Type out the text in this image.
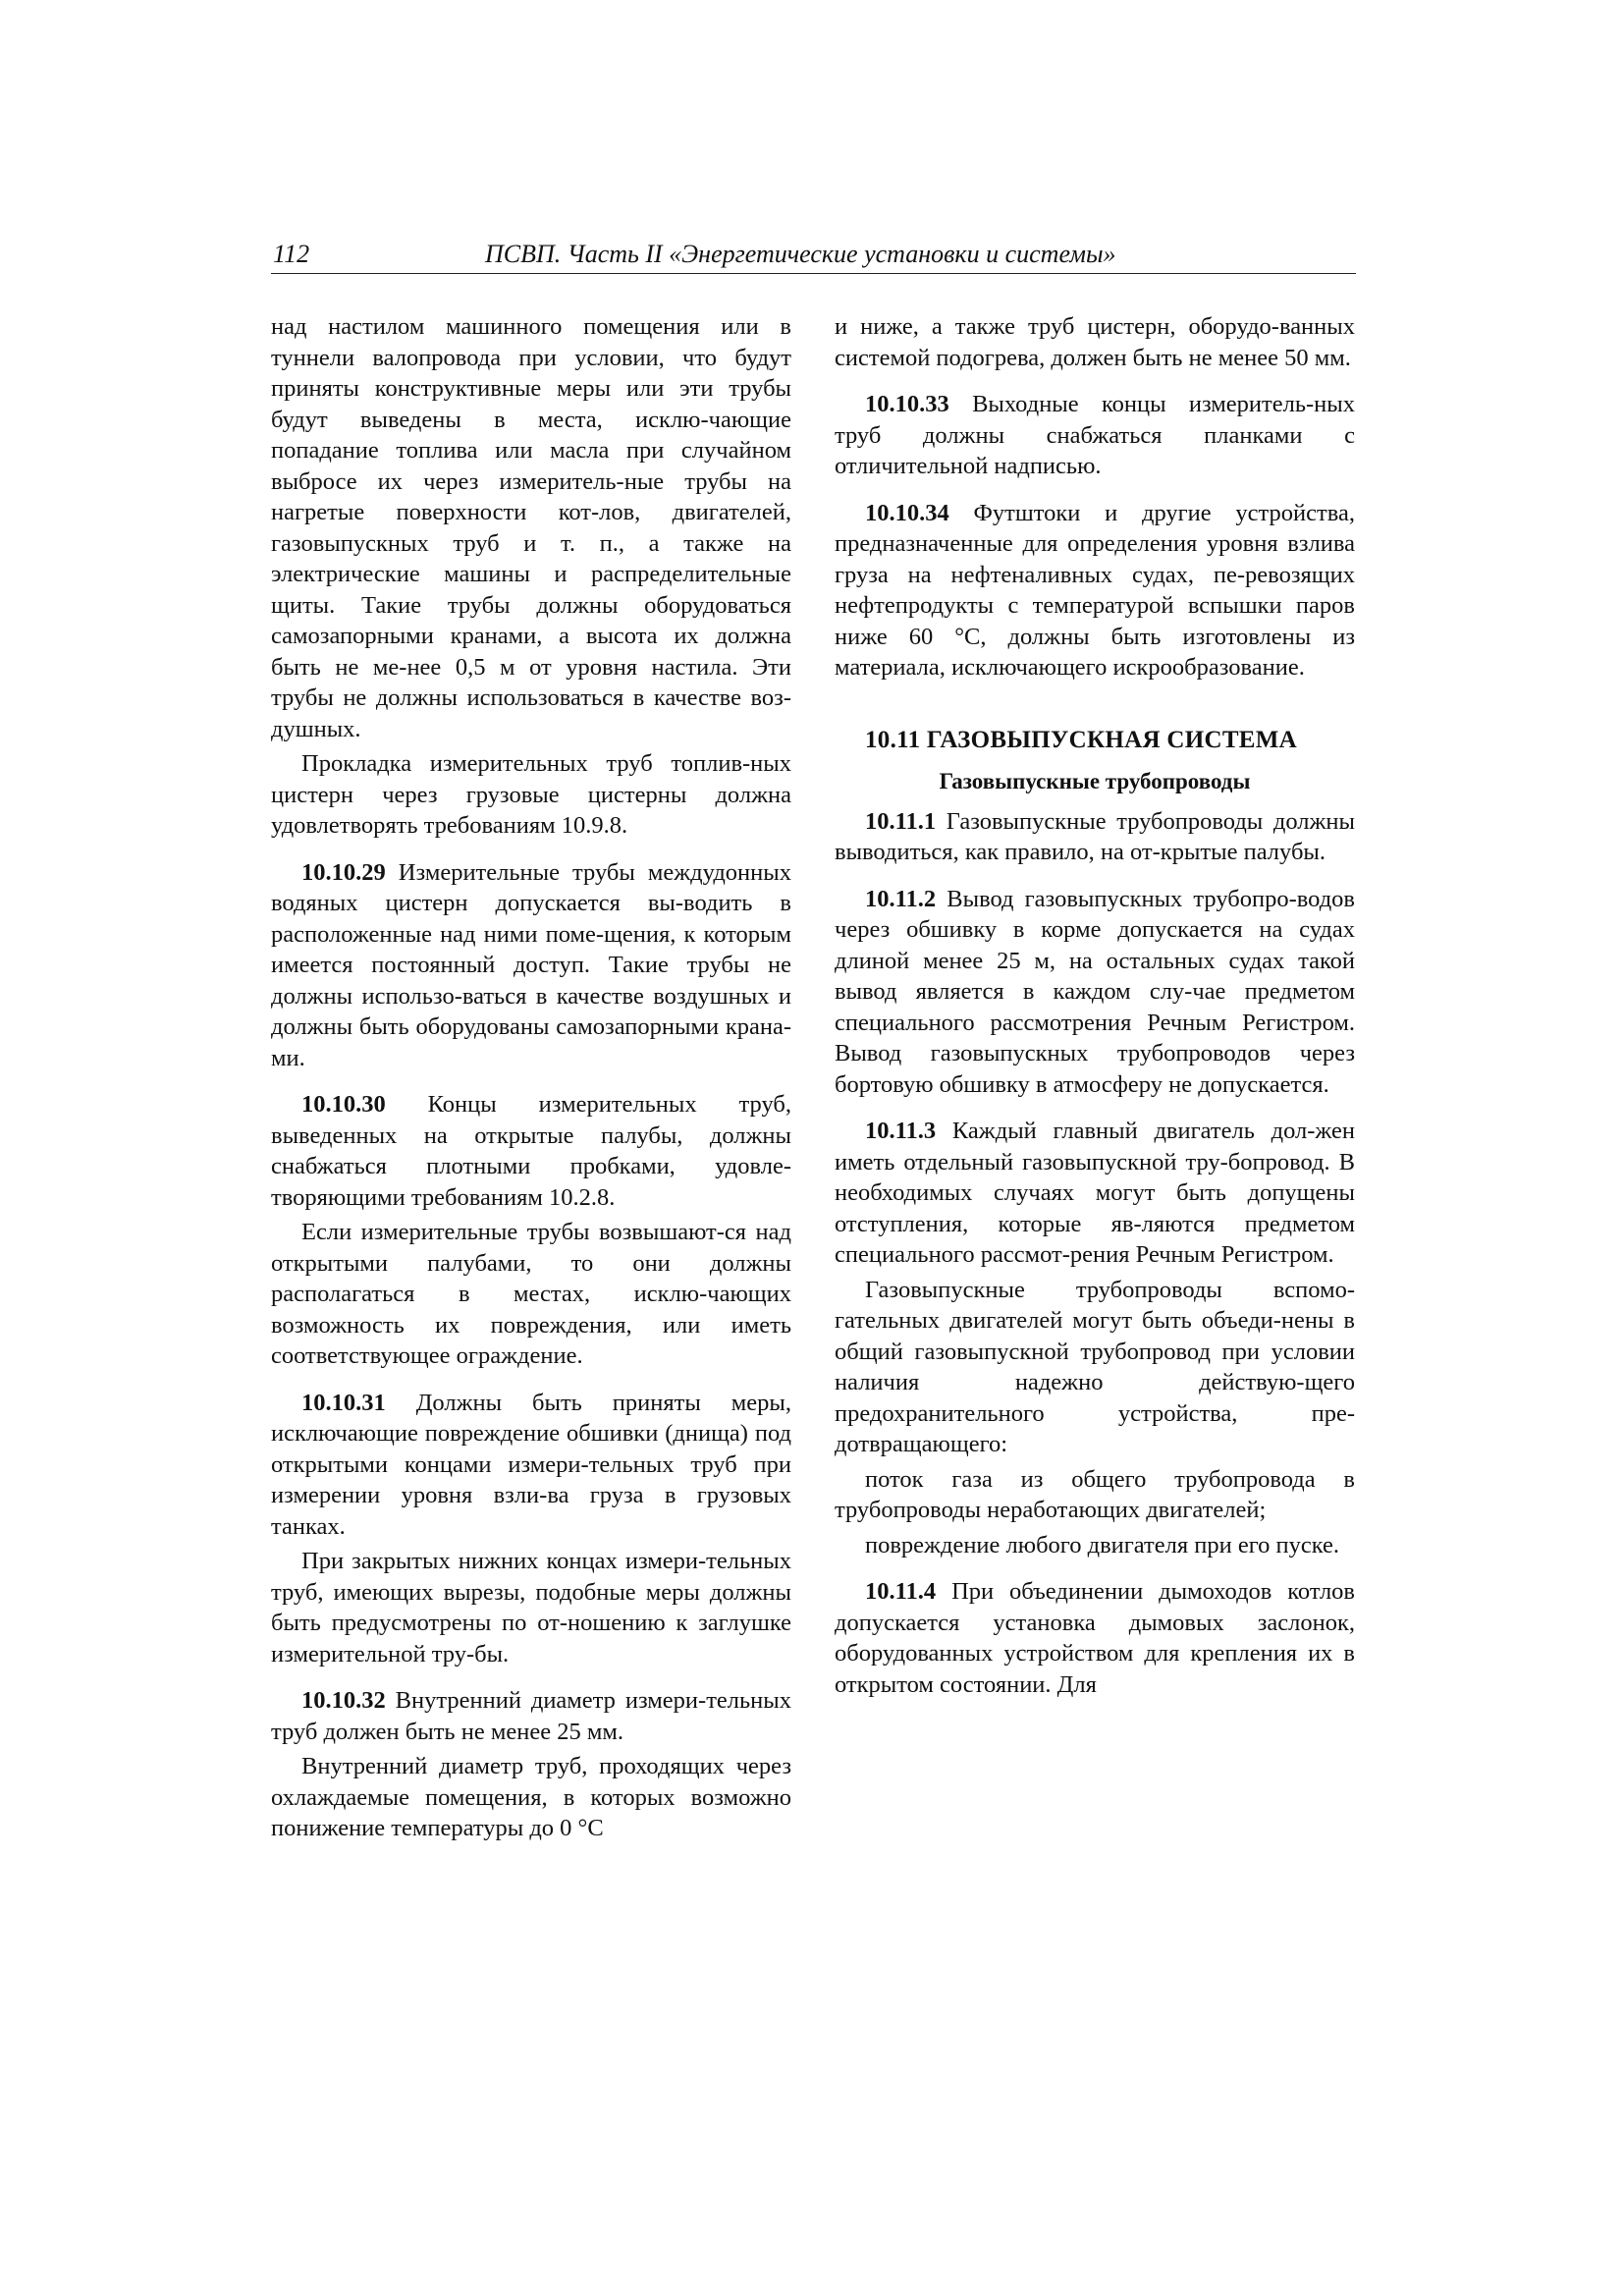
112	ПСВП. Часть II «Энергетические установки и системы»

над настилом машинного помещения или в туннели валопровода при условии, что будут приняты конструктивные меры или эти трубы будут выведены в места, исклю-чающие попадание топлива или масла при случайном выбросе их через измеритель-ные трубы на нагретые поверхности кот-лов, двигателей, газовыпускных труб и т. п., а также на электрические машины и распределительные щиты. Такие трубы должны оборудоваться самозапорными кранами, а высота их должна быть не ме-нее 0,5 м от уровня настила. Эти трубы не должны использоваться в качестве воз-душных.

Прокладка измерительных труб топлив-ных цистерн через грузовые цистерны должна удовлетворять требованиям 10.9.8.

10.10.29 Измерительные трубы междудонных водяных цистерн допускается вы-водить в расположенные над ними поме-щения, к которым имеется постоянный доступ. Такие трубы не должны использо-ваться в качестве воздушных и должны быть оборудованы самозапорными крана-ми.

10.10.30 Концы измерительных труб, выведенных на открытые палубы, должны снабжаться плотными пробками, удовле-творяющими требованиям 10.2.8.

Если измерительные трубы возвышают-ся над открытыми палубами, то они должны располагаться в местах, исклю-чающих возможность их повреждения, или иметь соответствующее ограждение.

10.10.31 Должны быть приняты меры, исключающие повреждение обшивки (днища) под открытыми концами измери-тельных труб при измерении уровня взли-ва груза в грузовых танках.

При закрытых нижних концах измери-тельных труб, имеющих вырезы, подобные меры должны быть предусмотрены по от-ношению к заглушке измерительной тру-бы.

10.10.32 Внутренний диаметр измери-тельных труб должен быть не менее 25 мм.

Внутренний диаметр труб, проходящих через охлаждаемые помещения, в которых возможно понижение температуры до 0 °C

и ниже, а также труб цистерн, оборудо-ванных системой подогрева, должен быть не менее 50 мм.

10.10.33 Выходные концы измеритель-ных труб должны снабжаться планками с отличительной надписью.

10.10.34 Футштоки и другие устройства, предназначенные для определения уровня взлива груза на нефтеналивных судах, пе-ревозящих нефтепродукты с температурой вспышки паров ниже 60 °C, должны быть изготовлены из материала, исключающего искрообразование.

10.11 ГАЗОВЫПУСКНАЯ СИСТЕМА
Газовыпускные трубопроводы

10.11.1 Газовыпускные трубопроводы должны выводиться, как правило, на от-крытые палубы.

10.11.2 Вывод газовыпускных трубопро-водов через обшивку в корме допускается на судах длиной менее 25 м, на остальных судах такой вывод является в каждом слу-чае предметом специального рассмотрения Речным Регистром. Вывод газовыпускных трубопроводов через бортовую обшивку в атмосферу не допускается.

10.11.3 Каждый главный двигатель дол-жен иметь отдельный газовыпускной тру-бопровод. В необходимых случаях могут быть допущены отступления, которые яв-ляются предметом специального рассмот-рения Речным Регистром.

Газовыпускные трубопроводы вспомо-гательных двигателей могут быть объеди-нены в общий газовыпускной трубопровод при условии наличия надежно действую-щего предохранительного устройства, пре-дотвращающего:

поток газа из общего трубопровода в трубопроводы неработающих двигателей;

повреждение любого двигателя при его пуске.

10.11.4 При объединении дымоходов котлов допускается установка дымовых заслонок, оборудованных устройством для крепления их в открытом состоянии. Для
